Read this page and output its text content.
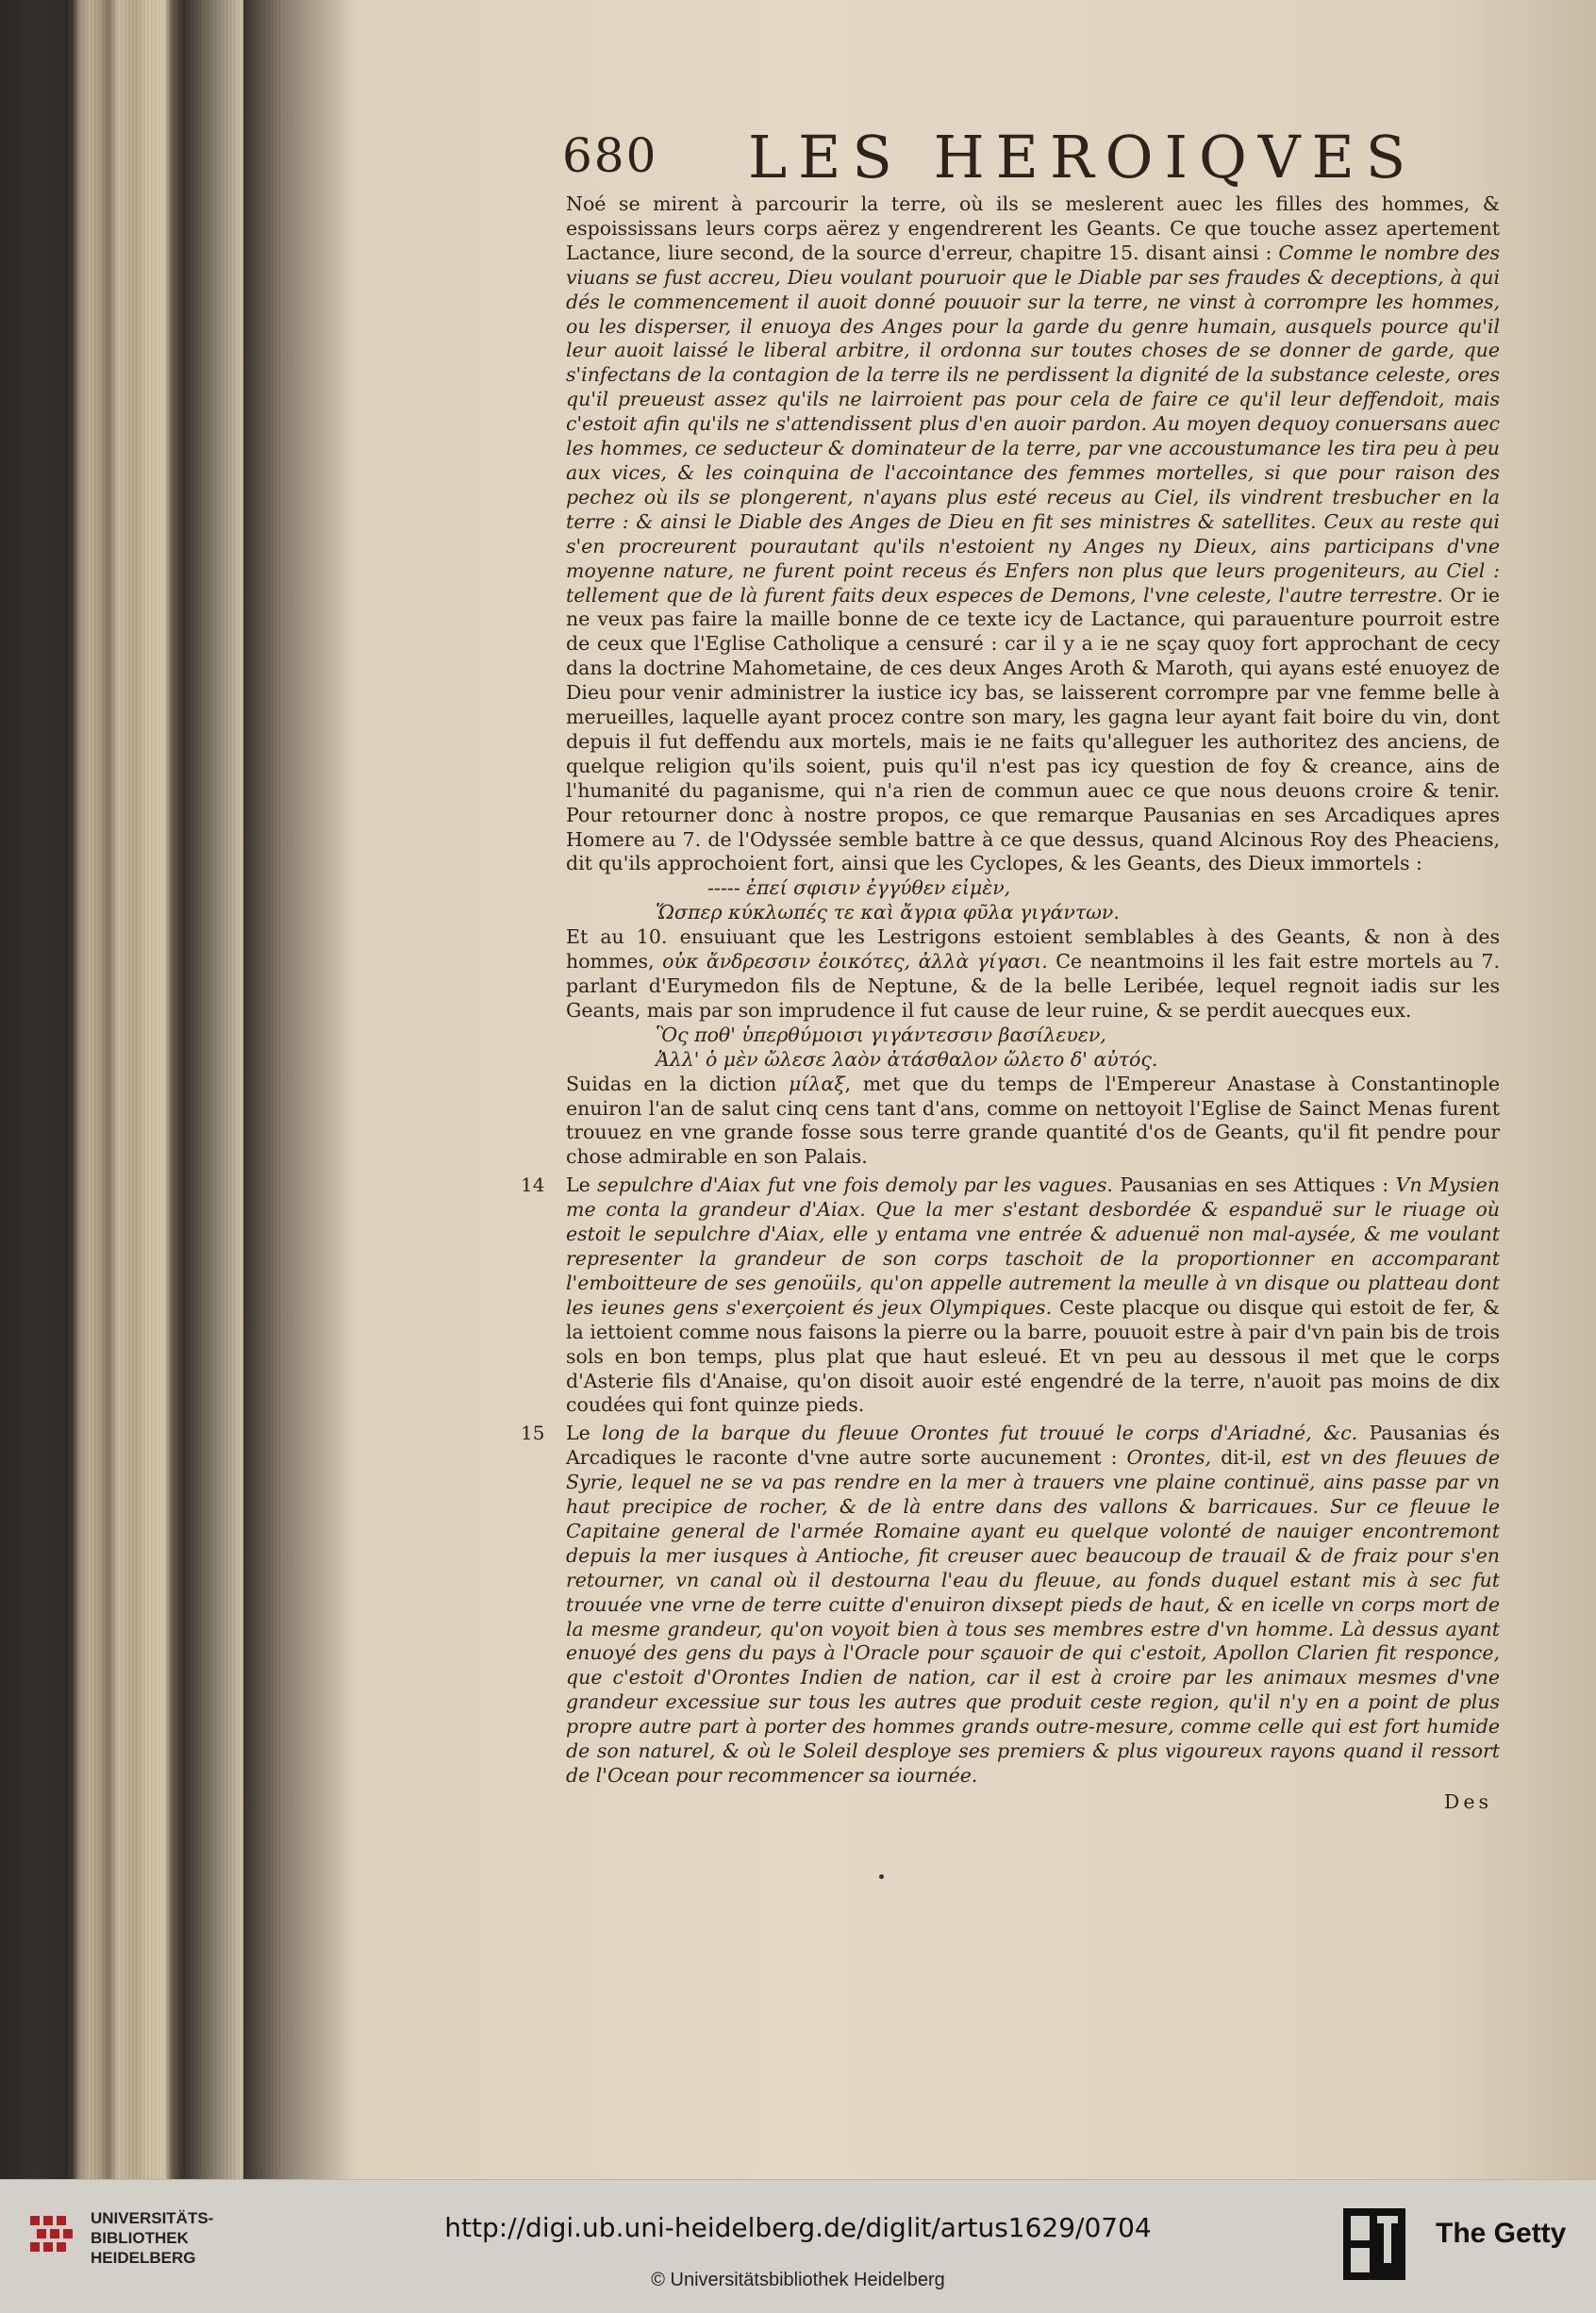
680 LES HEROIQVES

Noé se mirent à parcourir la terre, où ils se meslerent auec les filles des hommes, & espoississans leurs corps aërez y engendrerent les Geants. Ce que touche assez apertement Lactance, liure second, de la source d'erreur, chapitre 15. disant ainsi : Comme le nombre des viuans se fust accreu, Dieu voulant pouruoir que le Diable par ses fraudes & deceptions, à qui dés le commencement il auoit donné pouuoir sur la terre, ne vinst à corrompre les hommes, ou les disperser, il enuoya des Anges pour la garde du genre humain, ausquels pource qu'il leur auoit laissé le liberal arbitre, il ordonna sur toutes choses de se donner de garde, que s'infectans de la contagion de la terre ils ne perdissent la dignité de la substance celeste, ores qu'il preueust assez qu'ils ne lairroient pas pour cela de faire ce qu'il leur deffendoit, mais c'estoit afin qu'ils ne s'attendissent plus d'en auoir pardon. Au moyen dequoy conuersans auec les hommes, ce seducteur & dominateur de la terre, par vne accoustumance les tira peu à peu aux vices, & les coinquina de l'accointance des femmes mortelles, si que pour raison des pechez où ils se plongerent, n'ayans plus esté receus au Ciel, ils vindrent tresbucher en la terre : & ainsi le Diable des Anges de Dieu en fit ses ministres & satellites. Ceux au reste qui s'en procreurent pourautant qu'ils n'estoient ny Anges ny Dieux, ains participans d'vne moyenne nature, ne furent point receus és Enfers non plus que leurs progeniteurs, au Ciel : tellement que de là furent faits deux especes de Demons, l'vne celeste, l'autre terrestre. Or ie ne veux pas faire la maille bonne de ce texte icy de Lactance, qui parauenture pourroit estre de ceux que l'Eglise Catholique a censuré : car il y a ie ne sçay quoy fort approchant de cecy dans la doctrine Mahometaine, de ces deux Anges Aroth & Maroth, qui ayans esté enuoyez de Dieu pour venir administrer la iustice icy bas, se laisserent corrompre par vne femme belle à merueilles, laquelle ayant procez contre son mary, les gagna leur ayant fait boire du vin, dont depuis il fut deffendu aux mortels, mais ie ne faits qu'alleguer les authoritez des anciens, de quelque religion qu'ils soient, puis qu'il n'est pas icy question de foy & creance, ains de l'humanité du paganisme, qui n'a rien de commun auec ce que nous deuons croire & tenir. Pour retourner donc à nostre propos, ce que remarque Pausanias en ses Arcadiques apres Homere au 7. de l'Odyssée semble battre à ce que dessus, quand Alcinous Roy des Pheaciens, dit qu'ils approchoient fort, ainsi que les Cyclopes, & les Geants, des Dieux immortels :

----- ἐπεί σφισιν ἐγγύθεν εἰμὲν,

Ὥσπερ κύκλωπές τε καὶ ἄγρια φῦλα γιγάντων.

Et au 10. ensuiuant que les Lestrigons estoient semblables à des Geants, & non à des hommes, οὐκ ἄνδρεσσιν ἐοικότες, ἀλλὰ γίγασι. Ce neantmoins il les fait estre mortels au 7. parlant d'Eurymedon fils de Neptune, & de la belle Leribée, lequel regnoit iadis sur les Geants, mais par son imprudence il fut cause de leur ruine, & se perdit auecques eux.

Ὃς ποθ' ὑπερθύμοισι γιγάντεσσιν βασίλευεν,

Ἀλλ' ὁ μὲν ὤλεσε λαὸν ἀτάσθαλον ὤλετο δ' αὐτός.

Suidas en la diction μίλαξ, met que du temps de l'Empereur Anastase à Constantinople enuiron l'an de salut cinq cens tant d'ans, comme on nettoyoit l'Eglise de Sainct Menas furent trouuez en vne grande fosse sous terre grande quantité d'os de Geants, qu'il fit pendre pour chose admirable en son Palais.

14 Le sepulchre d'Aiax fut vne fois demoly par les vagues. Pausanias en ses Attiques : Vn Mysien me conta la grandeur d'Aiax. Que la mer s'estant desbordée & espanduë sur le riuage où estoit le sepulchre d'Aiax, elle y entama vne entrée & aduenuë non mal-aysée, & me voulant representer la grandeur de son corps taschoit de la proportionner en accomparant l'emboitteure de ses genoüils, qu'on appelle autrement la meulle à vn disque ou platteau dont les ieunes gens s'exerçoient és jeux Olympiques. Ceste placque ou disque qui estoit de fer, & la iettoient comme nous faisons la pierre ou la barre, pouuoit estre à pair d'vn pain bis de trois sols en bon temps, plus plat que haut esleué. Et vn peu au dessous il met que le corps d'Asterie fils d'Anaise, qu'on disoit auoir esté engendré de la terre, n'auoit pas moins de dix coudées qui font quinze pieds.
15 Le long de la barque du fleuue Orontes fut trouué le corps d'Ariadné, &c. Pausanias és Arcadiques le raconte d'vne autre sorte aucunement : Orontes, dit-il, est vn des fleuues de Syrie, lequel ne se va pas rendre en la mer à trauers vne plaine continuë, ains passe par vn haut precipice de rocher, & de là entre dans des vallons & barricaues. Sur ce fleuue le Capitaine general de l'armée Romaine ayant eu quelque volonté de nauiger encontremont depuis la mer iusques à Antioche, fit creuser auec beaucoup de trauail & de fraiz pour s'en retourner, vn canal où il destourna l'eau du fleuue, au fonds duquel estant mis à sec fut trouuée vne vrne de terre cuitte d'enuiron dixsept pieds de haut, & en icelle vn corps mort de la mesme grandeur, qu'on voyoit bien à tous ses membres estre d'vn homme. Là dessus ayant enuoyé des gens du pays à l'Oracle pour sçauoir de qui c'estoit, Apollon Clarien fit responce, que c'estoit d'Orontes Indien de nation, car il est à croire par les animaux mesmes d'vne grandeur excessiue sur tous les autres que produit ceste region, qu'il n'y en a point de plus propre autre part à porter des hommes grands outre-mesure, comme celle qui est fort humide de son naturel, & où le Soleil desploye ses premiers & plus vigoureux rayons quand il ressort de l'Ocean pour recommencer sa iournée.
Des
UNIVERSITÄTS-
BIBLIOTHEK
HEIDELBERG
http://digi.ub.uni-heidelberg.de/diglit/artus1629/0704
© Universitätsbibliothek Heidelberg
The Getty
